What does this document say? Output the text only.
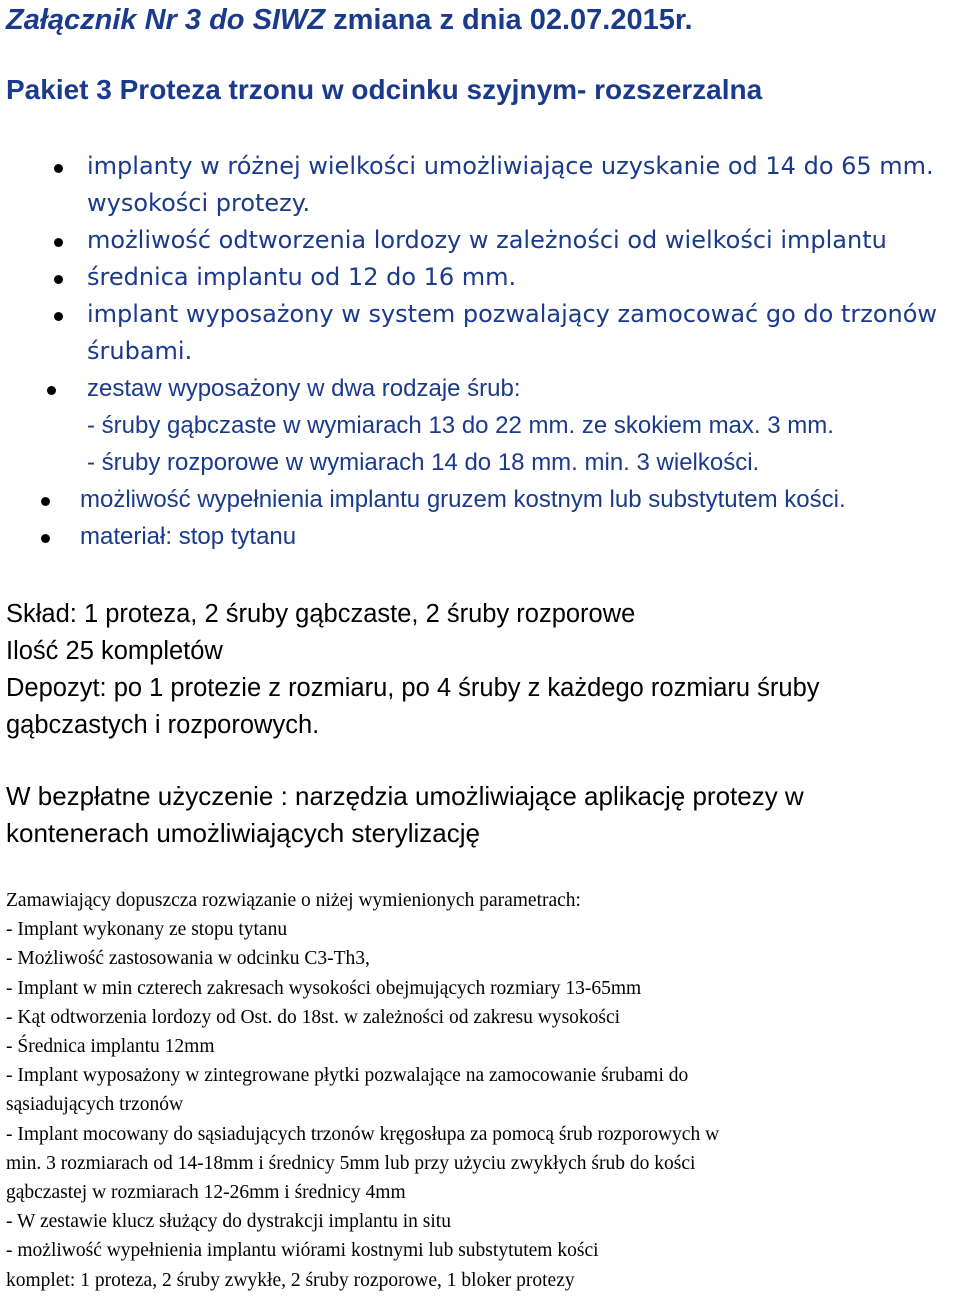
Załącznik Nr 3 do SIWZ zmiana z dnia 02.07.2015r.

Pakiet 3 Proteza trzonu w odcinku szyjnym- rozszerzalna

implanty w różnej wielkości umożliwiające uzyskanie od 14 do 65 mm.
wysokości protezy.
możliwość odtworzenia lordozy w zależności od wielkości implantu
średnica implantu od 12 do 16 mm.
implant wyposażony w system pozwalający zamocować go do trzonów
śrubami.
zestaw wyposażony w dwa rodzaje śrub:
- śruby gąbczaste w wymiarach 13 do 22 mm. ze skokiem max. 3 mm.
- śruby rozporowe w wymiarach 14 do 18 mm. min. 3 wielkości.
możliwość wypełnienia implantu gruzem kostnym lub substytutem kości.
materiał: stop tytanu

Skład: 1 proteza, 2 śruby gąbczaste, 2 śruby rozporowe
Ilość 25 kompletów
Depozyt: po 1 protezie z rozmiaru, po 4 śruby z każdego rozmiaru śruby
gąbczastych i rozporowych.

W bezpłatne użyczenie : narzędzia umożliwiające aplikację protezy w
kontenerach umożliwiających sterylizację

Zamawiający dopuszcza rozwiązanie o niżej wymienionych parametrach:
- Implant wykonany ze stopu tytanu
- Możliwość zastosowania w odcinku C3-Th3,
- Implant w min czterech zakresach wysokości obejmujących rozmiary 13-65mm
- Kąt odtworzenia lordozy od Ost. do 18st. w zależności od zakresu wysokości
- Średnica implantu 12mm
- Implant wyposażony w zintegrowane płytki pozwalające na zamocowanie śrubami do
sąsiadujących trzonów
- Implant mocowany do sąsiadujących trzonów kręgosłupa za pomocą śrub rozporowych w
min. 3 rozmiarach od 14-18mm i średnicy 5mm lub przy użyciu zwykłych śrub do kości
gąbczastej w rozmiarach 12-26mm i średnicy 4mm
- W zestawie klucz służący do dystrakcji implantu in situ
- możliwość wypełnienia implantu wiórami kostnymi lub substytutem kości
komplet: 1 proteza, 2 śruby zwykłe, 2 śruby rozporowe, 1 bloker protezy
